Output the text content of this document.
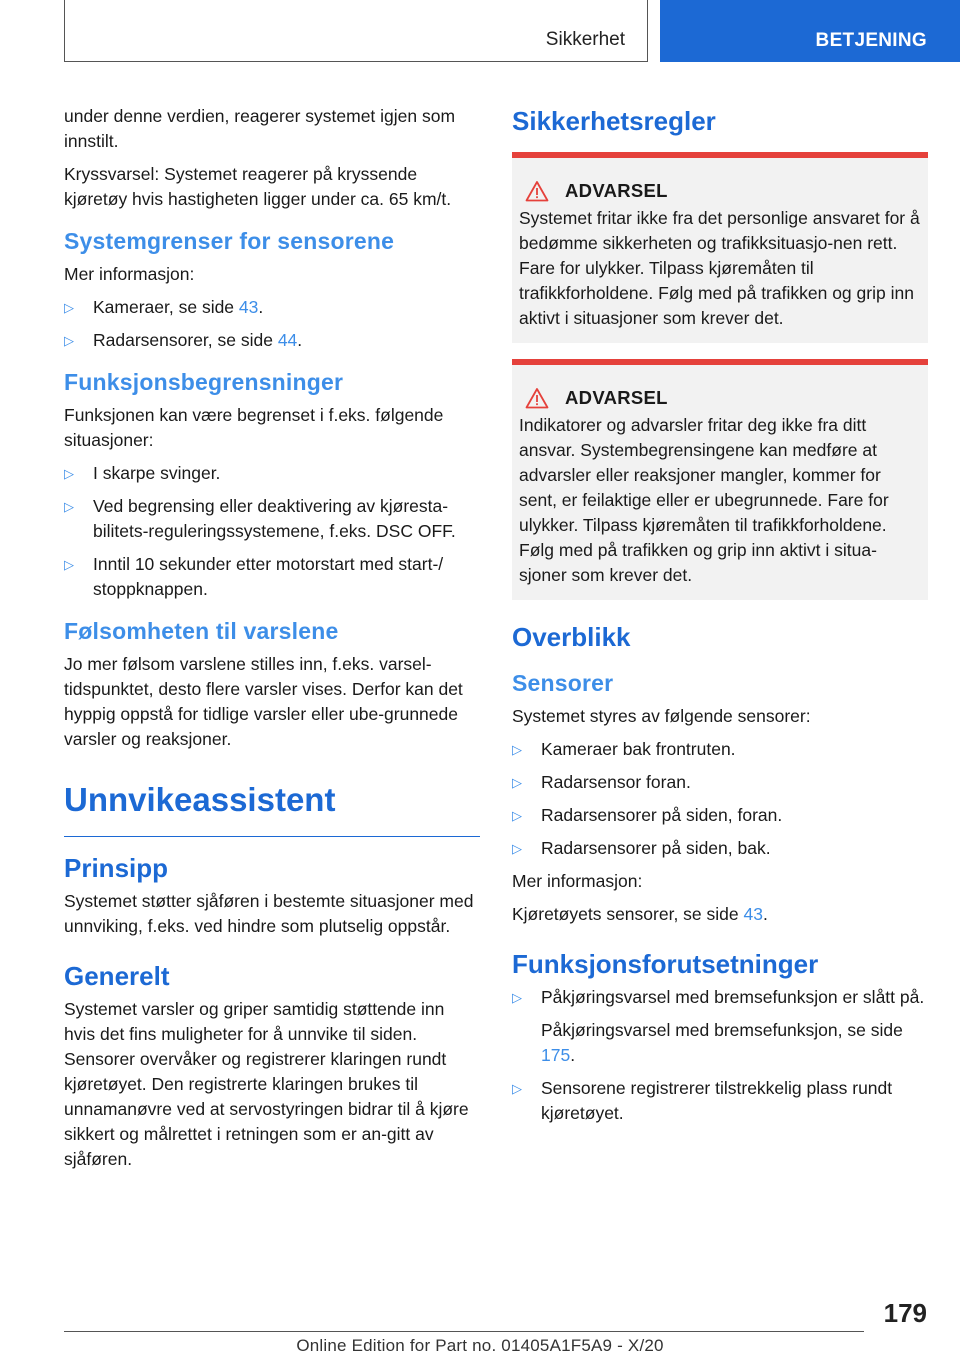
Sikkerhet	BETJENING

under denne verdien, reagerer systemet igjen som innstilt.

Kryssvarsel: Systemet reagerer på kryssende kjøretøy hvis hastigheten ligger under ca. 65 km/t.

Systemgrenser for sensorene

Mer informasjon:

▷ Kameraer, se side 43.
▷ Radarsensorer, se side 44.
Funksjonsbegrensninger

Funksjonen kan være begrenset i f.eks. følgende situasjoner:

▷ I skarpe svinger.
▷ Ved begrensing eller deaktivering av kjøresta-bilitets-reguleringssystemene, f.eks. DSC OFF.
▷ Inntil 10 sekunder etter motorstart med start-/ stoppknappen.
Følsomheten til varslene

Jo mer følsom varslene stilles inn, f.eks. varsel-tidspunktet, desto flere varsler vises. Derfor kan det hyppig oppstå for tidlige varsler eller ube-grunnede varsler og reaksjoner.

Unnvikeassistent
Prinsipp

Systemet støtter sjåføren i bestemte situasjoner med unnviking, f.eks. ved hindre som plutselig oppstår.

Generelt

Systemet varsler og griper samtidig støttende inn hvis det fins muligheter for å unnvike til siden. Sensorer overvåker og registrerer klaringen rundt kjøretøyet. Den registrerte klaringen brukes til unnamanøvre ved at servostyringen bidrar til å kjøre sikkert og målrettet i retningen som er an-gitt av sjåføren.

Sikkerhetsregler
ADVARSEL

Systemet fritar ikke fra det personlige ansvaret for å bedømme sikkerheten og trafikksituasjo-nen rett. Fare for ulykker. Tilpass kjøremåten til trafikkforholdene. Følg med på trafikken og grip inn aktivt i situasjoner som krever det.

ADVARSEL

Indikatorer og advarsler fritar deg ikke fra ditt ansvar. Systembegrensingene kan medføre at advarsler eller reaksjoner mangler, kommer for sent, er feilaktige eller er ubegrunnede. Fare for ulykker. Tilpass kjøremåten til trafikkforholdene. Følg med på trafikken og grip inn aktivt i situa-sjoner som krever det.

Overblikk
Sensorer

Systemet styres av følgende sensorer:

▷ Kameraer bak frontruten.
▷ Radarsensor foran.
▷ Radarsensorer på siden, foran.
▷ Radarsensorer på siden, bak.

Mer informasjon:

Kjøretøyets sensorer, se side 43.

Funksjonsforutsetninger
▷ Påkjøringsvarsel med bremsefunksjon er slått på.
Påkjøringsvarsel med bremsefunksjon, se side 175.
▷ Sensorene registrerer tilstrekkelig plass rundt kjøretøyet.
179
Online Edition for Part no. 01405A1F5A9 - X/20
